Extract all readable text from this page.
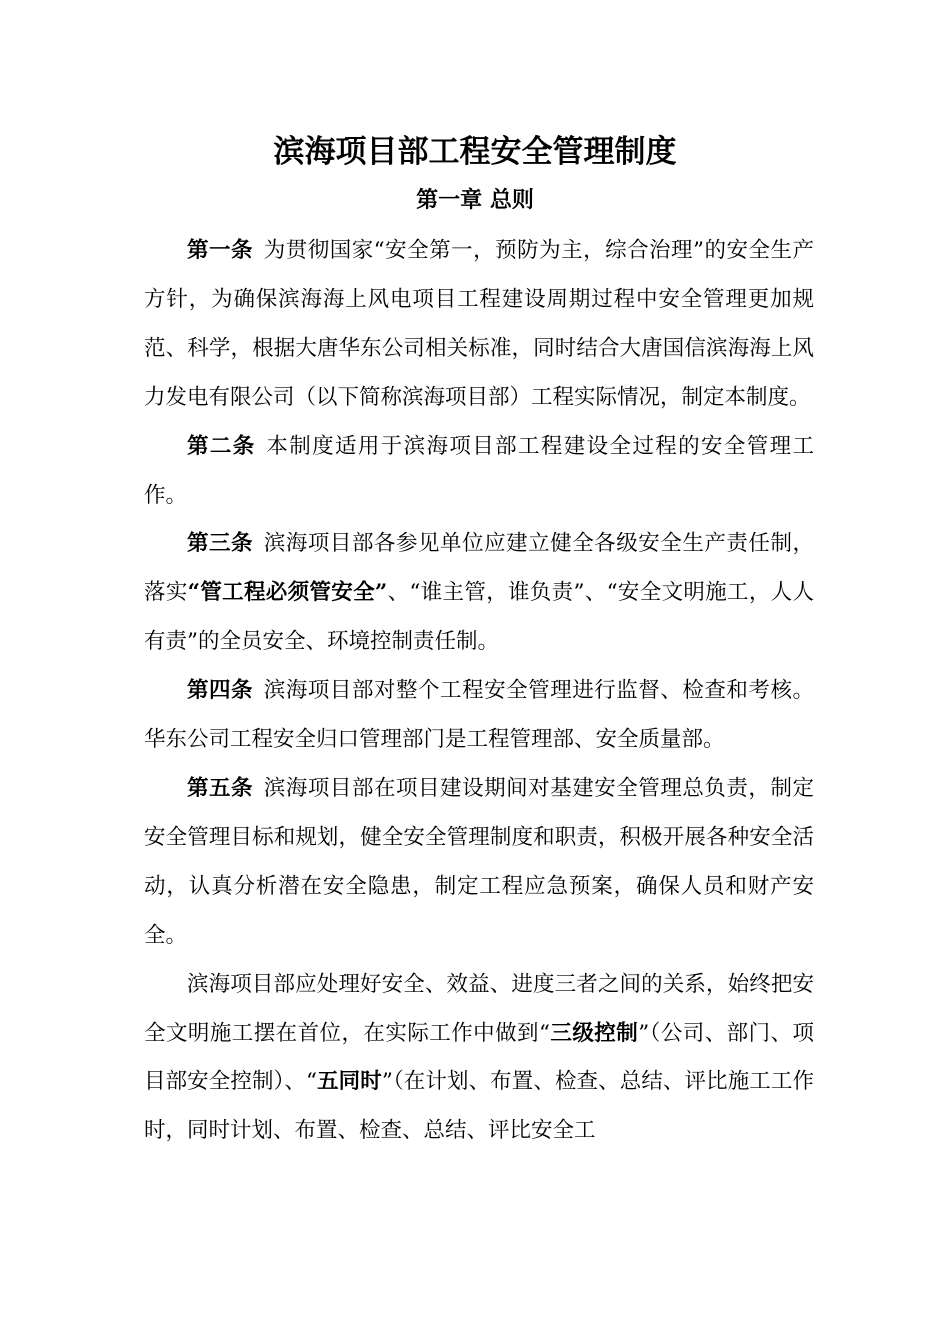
滨海项目部工程安全管理制度
第一章 总则

第一条 为贯彻国家“安全第一，预防为主，综合治理”的安全生产方针，为确保滨海海上风电项目工程建设周期过程中安全管理更加规范、科学，根据大唐华东公司相关标准，同时结合大唐国信滨海海上风力发电有限公司（以下简称滨海项目部）工程实际情况，制定本制度。

第二条 本制度适用于滨海项目部工程建设全过程的安全管理工作。

第三条 滨海项目部各参见单位应建立健全各级安全生产责任制，落实“管工程必须管安全”、“谁主管，谁负责”、“安全文明施工，人人有责”的全员安全、环境控制责任制。

第四条 滨海项目部对整个工程安全管理进行监督、检查和考核。华东公司工程安全归口管理部门是工程管理部、安全质量部。

第五条 滨海项目部在项目建设期间对基建安全管理总负责，制定安全管理目标和规划，健全安全管理制度和职责，积极开展各种安全活动，认真分析潜在安全隐患，制定工程应急预案，确保人员和财产安全。

滨海项目部应处理好安全、效益、进度三者之间的关系，始终把安全文明施工摆在首位，在实际工作中做到“三级控制”（公司、部门、项目部安全控制）、“五同时”（在计划、布置、检查、总结、评比施工工作时，同时计划、布置、检查、总结、评比安全工
